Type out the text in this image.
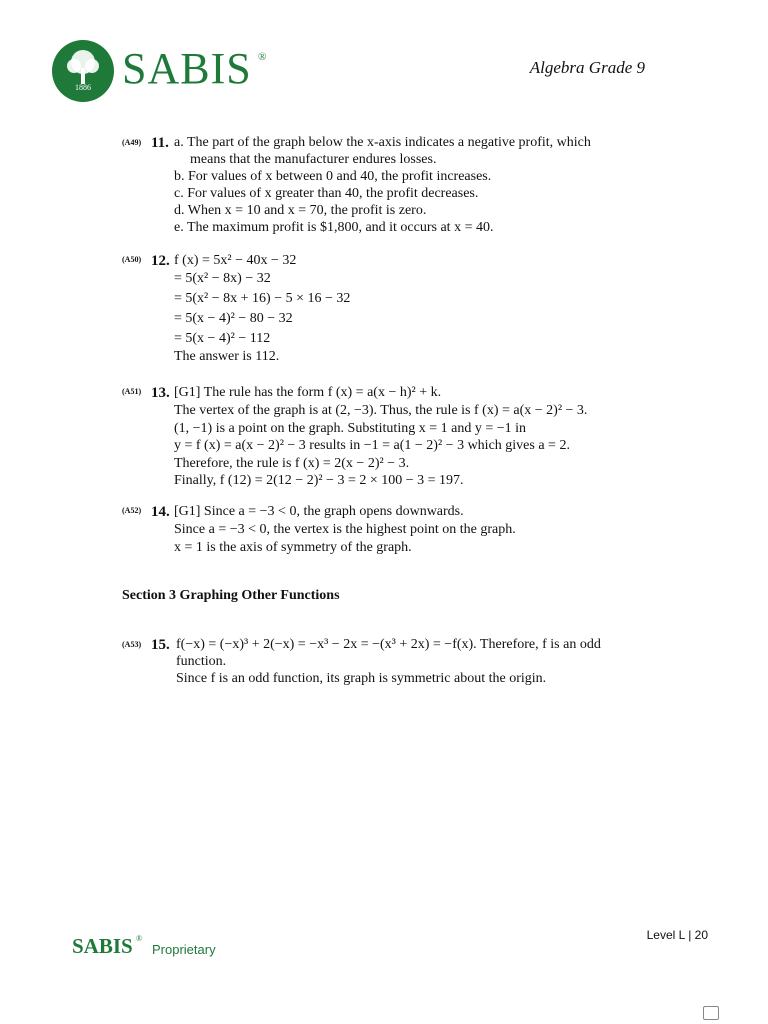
1886 SABIS ®
Algebra Grade 9
(A49) 11. a. The part of the graph below the x-axis indicates a negative profit, which
means that the manufacturer endures losses.
b. For values of x between 0 and 40, the profit increases.
c. For values of x greater than 40, the profit decreases.
d. When x = 10 and x = 70, the profit is zero.
e. The maximum profit is $1,800, and it occurs at x = 40.
(A50) 12. f (x) = 5x² − 40x − 32
= 5(x² − 8x) − 32
= 5(x² − 8x + 16) − 5 × 16 − 32
= 5(x − 4)² − 80 − 32
= 5(x − 4)² − 112
The answer is 112.
(A51) 13. [G1] The rule has the form f (x) = a(x − h)² + k.
The vertex of the graph is at (2, −3). Thus, the rule is f (x) = a(x − 2)² − 3.
(1, −1) is a point on the graph. Substituting x = 1 and y = −1 in
y = f (x) = a(x − 2)² − 3 results in −1 = a(1 − 2)² − 3 which gives a = 2.
Therefore, the rule is f (x) = 2(x − 2)² − 3.
Finally, f (12) = 2(12 − 2)² − 3 = 2 × 100 − 3 = 197.
(A52) 14. [G1] Since a = −3 < 0, the graph opens downwards.
Since a = −3 < 0, the vertex is the highest point on the graph.
x = 1 is the axis of symmetry of the graph.
Section 3 Graphing Other Functions
(A53) 15. f(−x) = (−x)³ + 2(−x) = −x³ − 2x = −(x³ + 2x) = −f(x). Therefore, f is an odd
function.
Since f is an odd function, its graph is symmetric about the origin.
SABIS ®
Proprietary
Level L | 20
